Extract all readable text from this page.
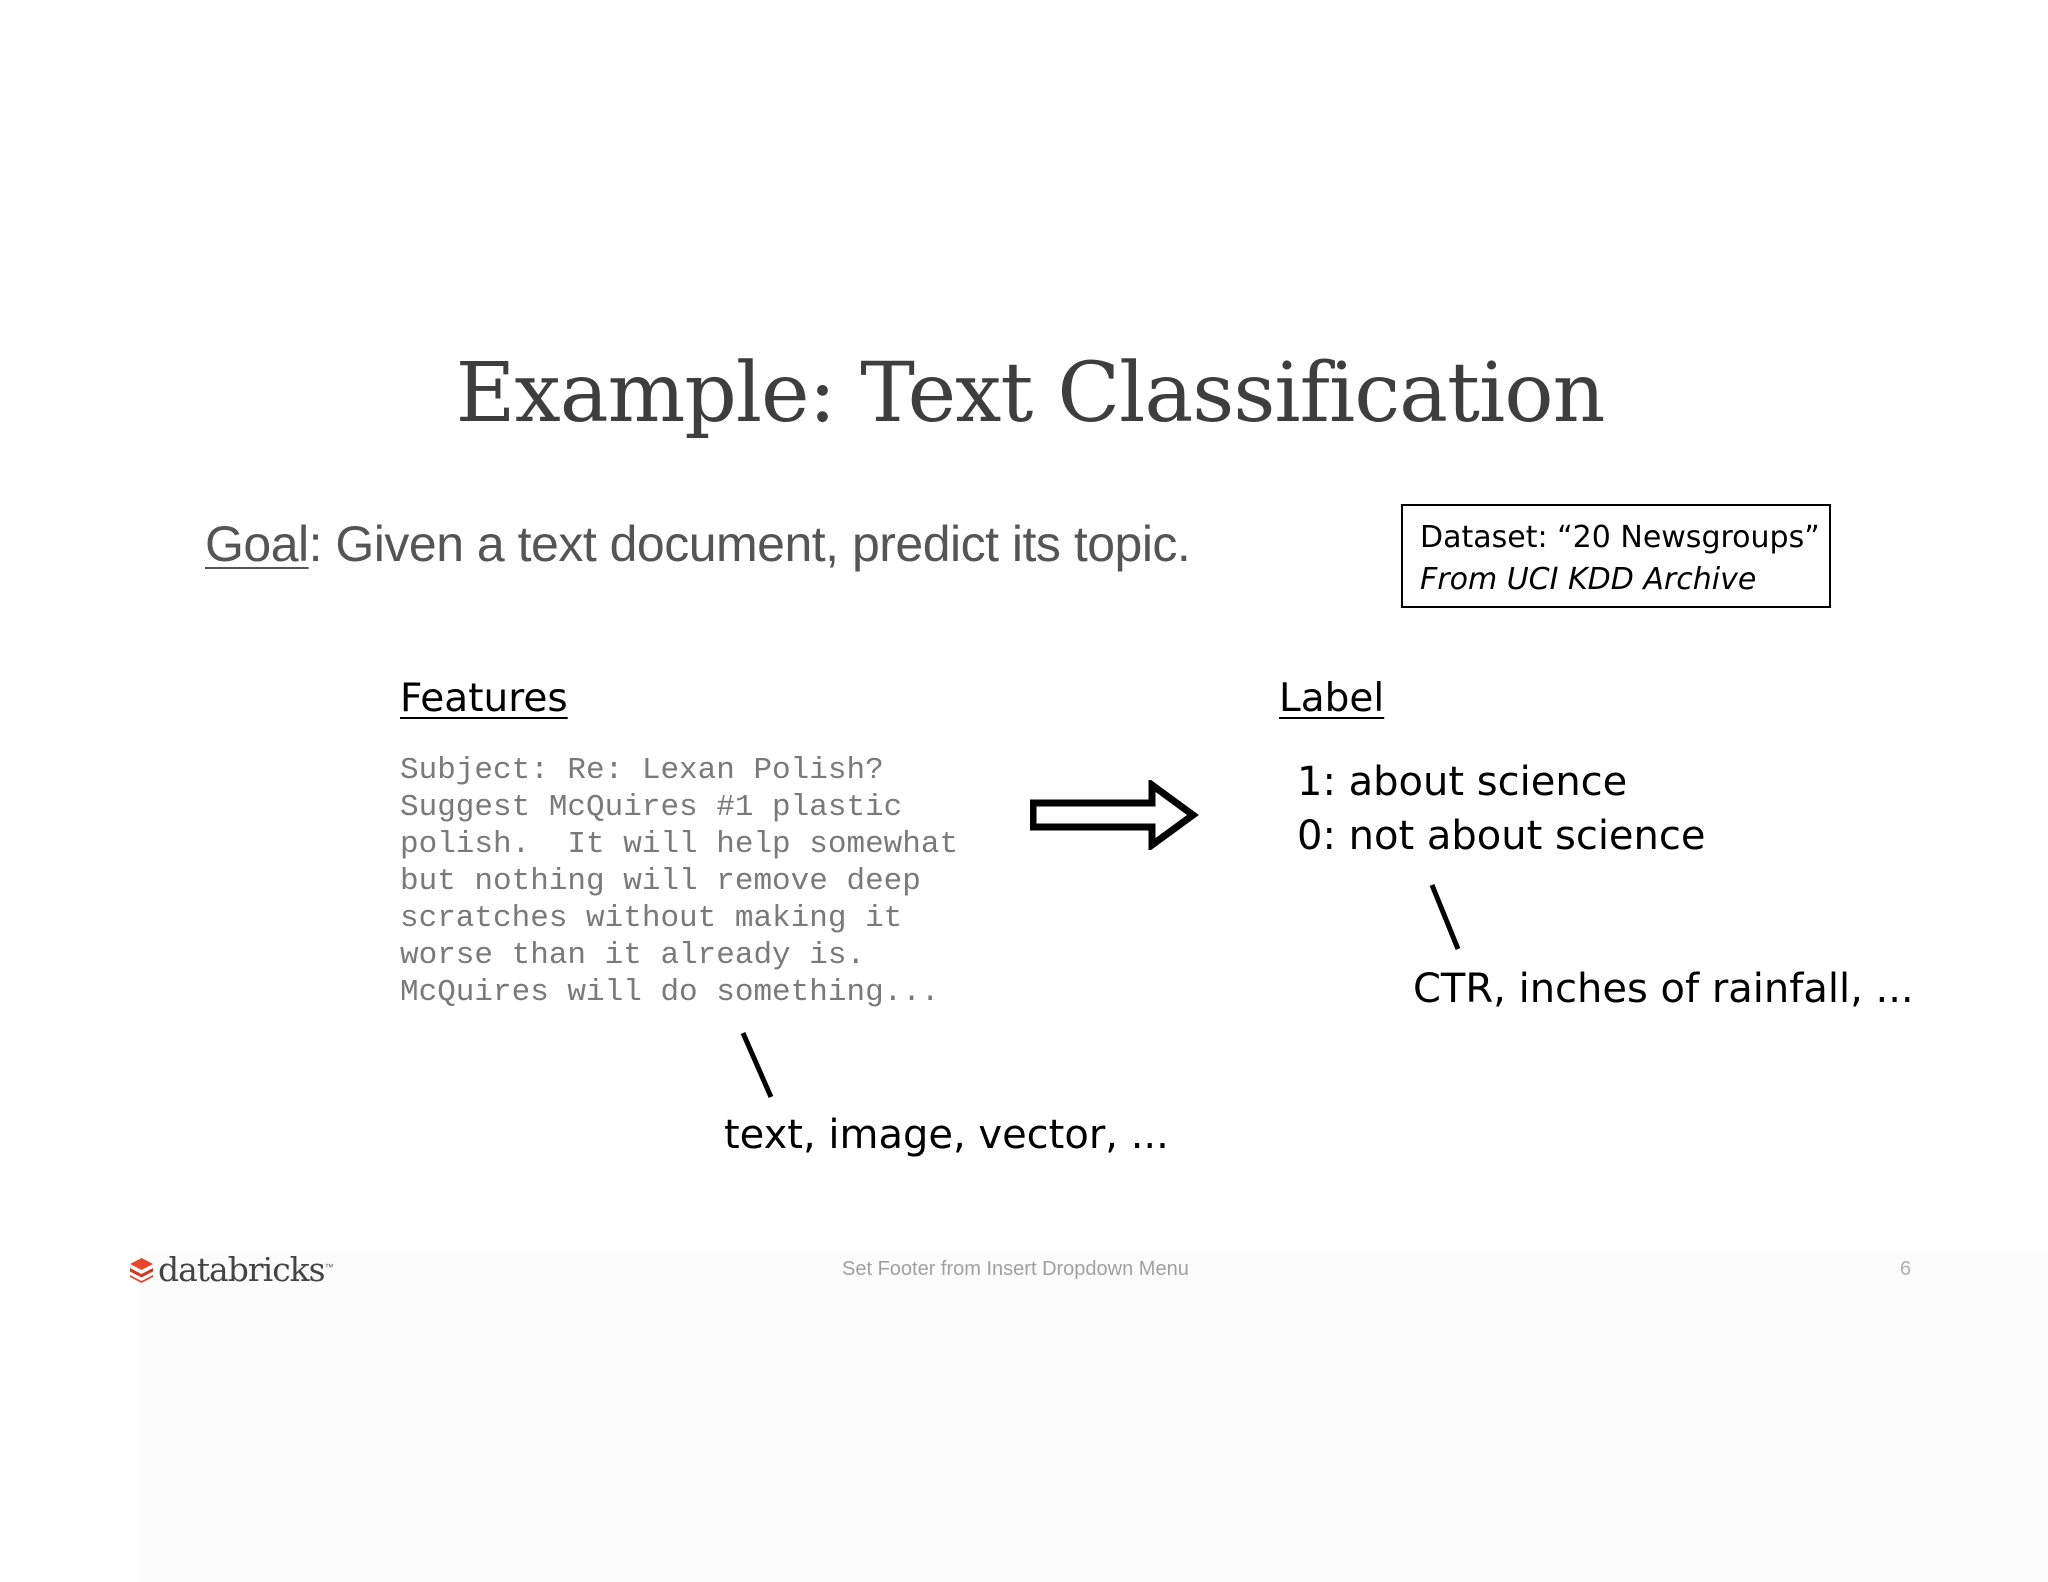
Example: Text Classification
Goal: Given a text document, predict its topic.	Dataset: “20 Newsgroups”
From UCI KDD Archive
Features
Subject: Re: Lexan Polish?
Suggest McQuires #1 plastic
polish.  It will help somewhat
but nothing will remove deep
scratches without making it
worse than it already is.
McQuires will do something...
Label
1: about science
0: not about science
CTR, inches of rainfall, ...
text, image, vector, ...
databricks ™	Set Footer from Insert Dropdown Menu	6
